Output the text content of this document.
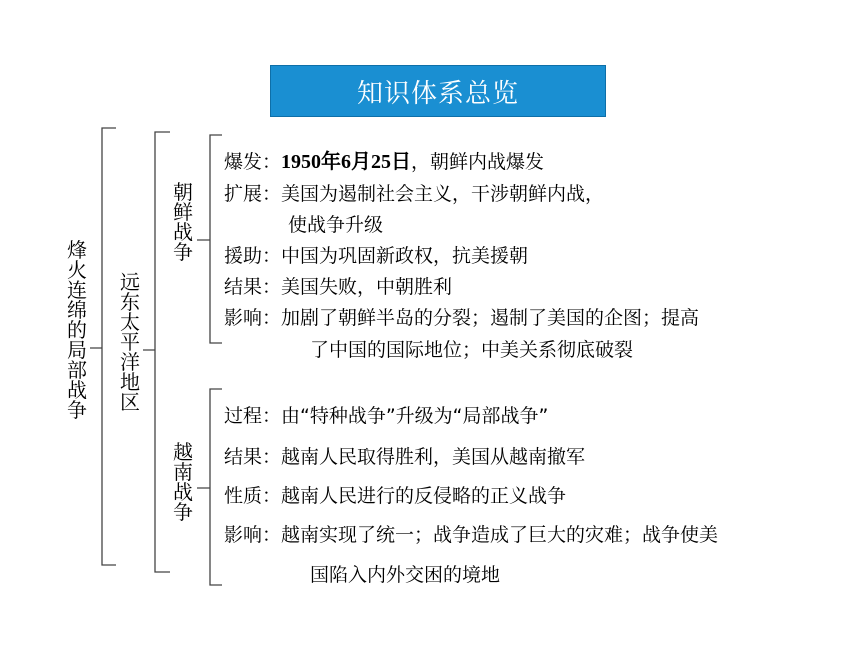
知识体系总览
烽火连绵的局部战争
远东太平洋地区
朝鲜战争
越南战争
爆发：1950年6月25日，朝鲜内战爆发
扩展：美国为遏制社会主义，干涉朝鲜内战，
使战争升级
援助：中国为巩固新政权，抗美援朝
结果：美国失败，中朝胜利
影响：加剧了朝鲜半岛的分裂；遏制了美国的企图；提高
了中国的国际地位；中美关系彻底破裂
过程：由“特种战争”升级为“局部战争”
结果：越南人民取得胜利，美国从越南撤军
性质：越南人民进行的反侵略的正义战争
影响：越南实现了统一；战争造成了巨大的灾难；战争使美
国陷入内外交困的境地
